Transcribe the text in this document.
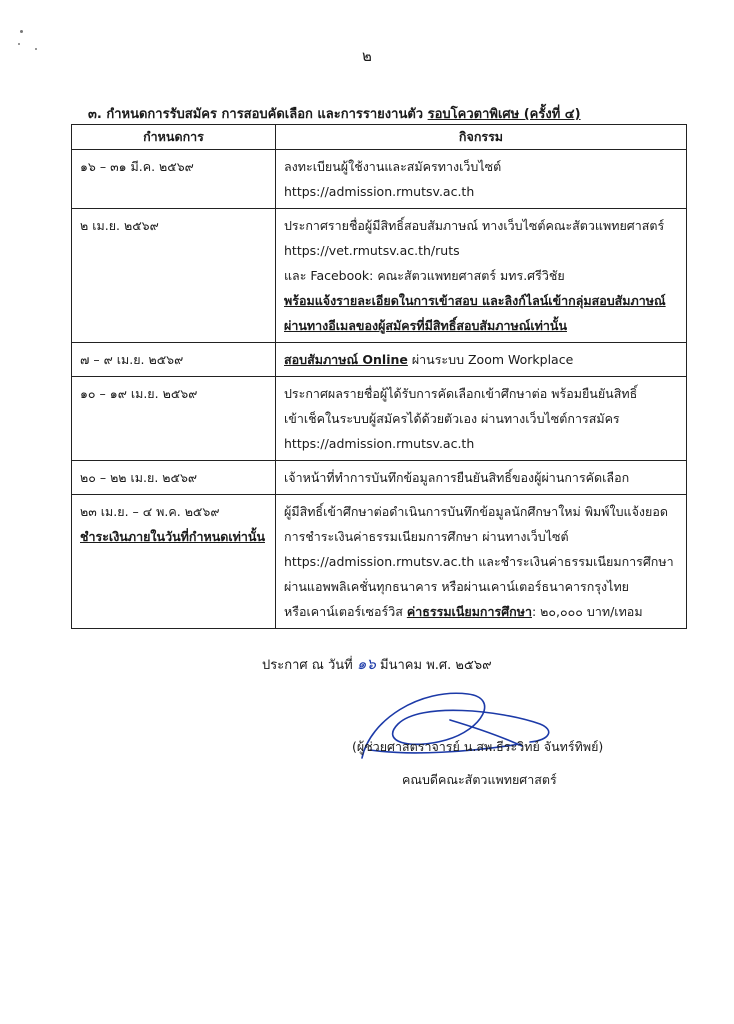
๒
๓. กำหนดการรับสมัคร การสอบคัดเลือก และการรายงานตัว รอบโควตาพิเศษ (ครั้งที่ ๔)
กำหนดการ	กิจกรรม
๑๖ – ๓๑ มี.ค. ๒๕๖๙	ลงทะเบียนผู้ใช้งานและสมัครทางเว็บไซต์
https://admission.rmutsv.ac.th

๒ เม.ย. ๒๕๖๙	ประกาศรายชื่อผู้มีสิทธิ์สอบสัมภาษณ์ ทางเว็บไซต์คณะสัตวแพทยศาสตร์
https://vet.rmutsv.ac.th/ruts
และ Facebook: คณะสัตวแพทยศาสตร์ มทร.ศรีวิชัย
พร้อมแจ้งรายละเอียดในการเข้าสอบ และลิงก์ไลน์เข้ากลุ่มสอบสัมภาษณ์
ผ่านทางอีเมลของผู้สมัครที่มีสิทธิ์สอบสัมภาษณ์เท่านั้น

๗ – ๙ เม.ย. ๒๕๖๙	สอบสัมภาษณ์ Online ผ่านระบบ Zoom Workplace

๑๐ – ๑๙ เม.ย. ๒๕๖๙	ประกาศผลรายชื่อผู้ได้รับการคัดเลือกเข้าศึกษาต่อ พร้อมยืนยันสิทธิ์
เข้าเช็คในระบบผู้สมัครได้ด้วยตัวเอง ผ่านทางเว็บไซต์การสมัคร
https://admission.rmutsv.ac.th

๒๐ – ๒๒ เม.ย. ๒๕๖๙	เจ้าหน้าที่ทำการบันทึกข้อมูลการยืนยันสิทธิ์ของผู้ผ่านการคัดเลือก

๒๓ เม.ย. – ๔ พ.ค. ๒๕๖๙
ชำระเงินภายในวันที่กำหนดเท่านั้น	ผู้มีสิทธิ์เข้าศึกษาต่อดำเนินการบันทึกข้อมูลนักศึกษาใหม่ พิมพ์ใบแจ้งยอด
การชำระเงินค่าธรรมเนียมการศึกษา ผ่านทางเว็บไซต์
https://admission.rmutsv.ac.th และชำระเงินค่าธรรมเนียมการศึกษา
ผ่านแอพพลิเคชั่นทุกธนาคาร หรือผ่านเคาน์เตอร์ธนาคารกรุงไทย
หรือเคาน์เตอร์เซอร์วิส ค่าธรรมเนียมการศึกษา: ๒๐,๐๐๐ บาท/เทอม
ประกาศ ณ วันที่ ๑๖ มีนาคม พ.ศ. ๒๕๖๙
(ผู้ช่วยศาสตราจารย์ น.สพ.ธีระวิทย์ จันทร์ทิพย์)
คณบดีคณะสัตวแพทยศาสตร์
